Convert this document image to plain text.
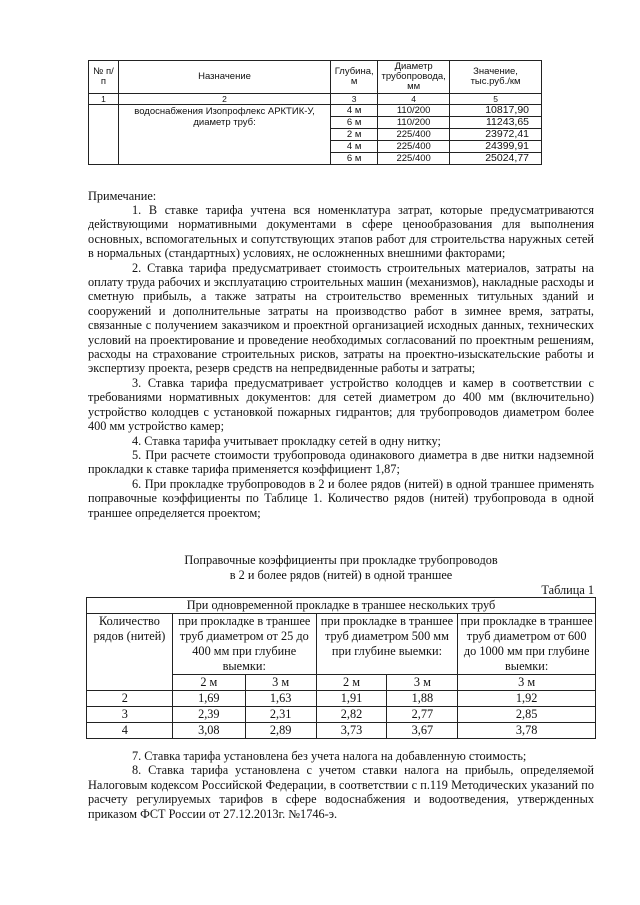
№ п/п	Назначение	Глубина, м	Диаметр трубопровода, мм	Значение, тыс.руб./км
1	2	3	4	5
	водоснабжения Изопрофлекс АРКТИК-У, диаметр труб:	4 м	110/200	10817,90
		6 м	110/200	11243,65
		2 м	225/400	23972,41
		4 м	225/400	24399,91
		6 м	225/400	25024,77
Примечание:

1. В ставке тарифа учтена вся номенклатура затрат, которые предусматриваются действующими нормативными документами в сфере ценообразования для выполнения основных, вспомогательных и сопутствующих этапов работ для строительства наружных сетей в нормальных (стандартных) условиях, не осложненных внешними факторами;

2. Ставка тарифа предусматривает стоимость строительных материалов, затраты на оплату труда рабочих и эксплуатацию строительных машин (механизмов), накладные расходы и сметную прибыль, а также затраты на строительство временных титульных зданий и сооружений и дополнительные затраты на производство работ в зимнее время, затраты, связанные с получением заказчиком и проектной организацией исходных данных, технических условий на проектирование и проведение необходимых согласований по проектным решениям, расходы на страхование строительных рисков, затраты на проектно-изыскательские работы и экспертизу проекта, резерв средств на непредвиденные работы и затраты;

3. Ставка тарифа предусматривает устройство колодцев и камер в соответствии с требованиями нормативных документов: для сетей диаметром до 400 мм (включительно) устройство колодцев с установкой пожарных гидрантов; для трубопроводов диаметром более 400 мм устройство камер;

4. Ставка тарифа учитывает прокладку сетей в одну нитку;

5. При расчете стоимости трубопровода одинакового диаметра в две нитки надземной прокладки к ставке тарифа применяется коэффициент 1,87;

6. При прокладке трубопроводов в 2 и более рядов (нитей) в одной траншее применять поправочные коэффициенты по Таблице 1. Количество рядов (нитей) трубопровода в одной траншее определяется проектом;

Поправочные коэффициенты при прокладке трубопроводов
в 2 и более рядов (нитей) в одной траншее
Таблица 1
При одновременной прокладке в траншее нескольких труб					
Количество рядов (нитей)	при прокладке в траншее труб диаметром от 25 до 400 мм при глубине выемки:		при прокладке в траншее труб диаметром 500 мм при глубине выемки:		при прокладке в траншее труб диаметром от 600 до 1000 мм при глубине выемки:
	2 м	3 м	2 м	3 м	3 м
2	1,69	1,63	1,91	1,88	1,92
3	2,39	2,31	2,82	2,77	2,85
4	3,08	2,89	3,73	3,67	3,78

7. Ставка тарифа установлена без учета налога на добавленную стоимость;

8. Ставка тарифа установлена с учетом ставки налога на прибыль, определяемой Налоговым кодексом Российской Федерации, в соответствии с п.119 Методических указаний по расчету регулируемых тарифов в сфере водоснабжения и водоотведения, утвержденных приказом ФСТ России от 27.12.2013г. №1746-э.
